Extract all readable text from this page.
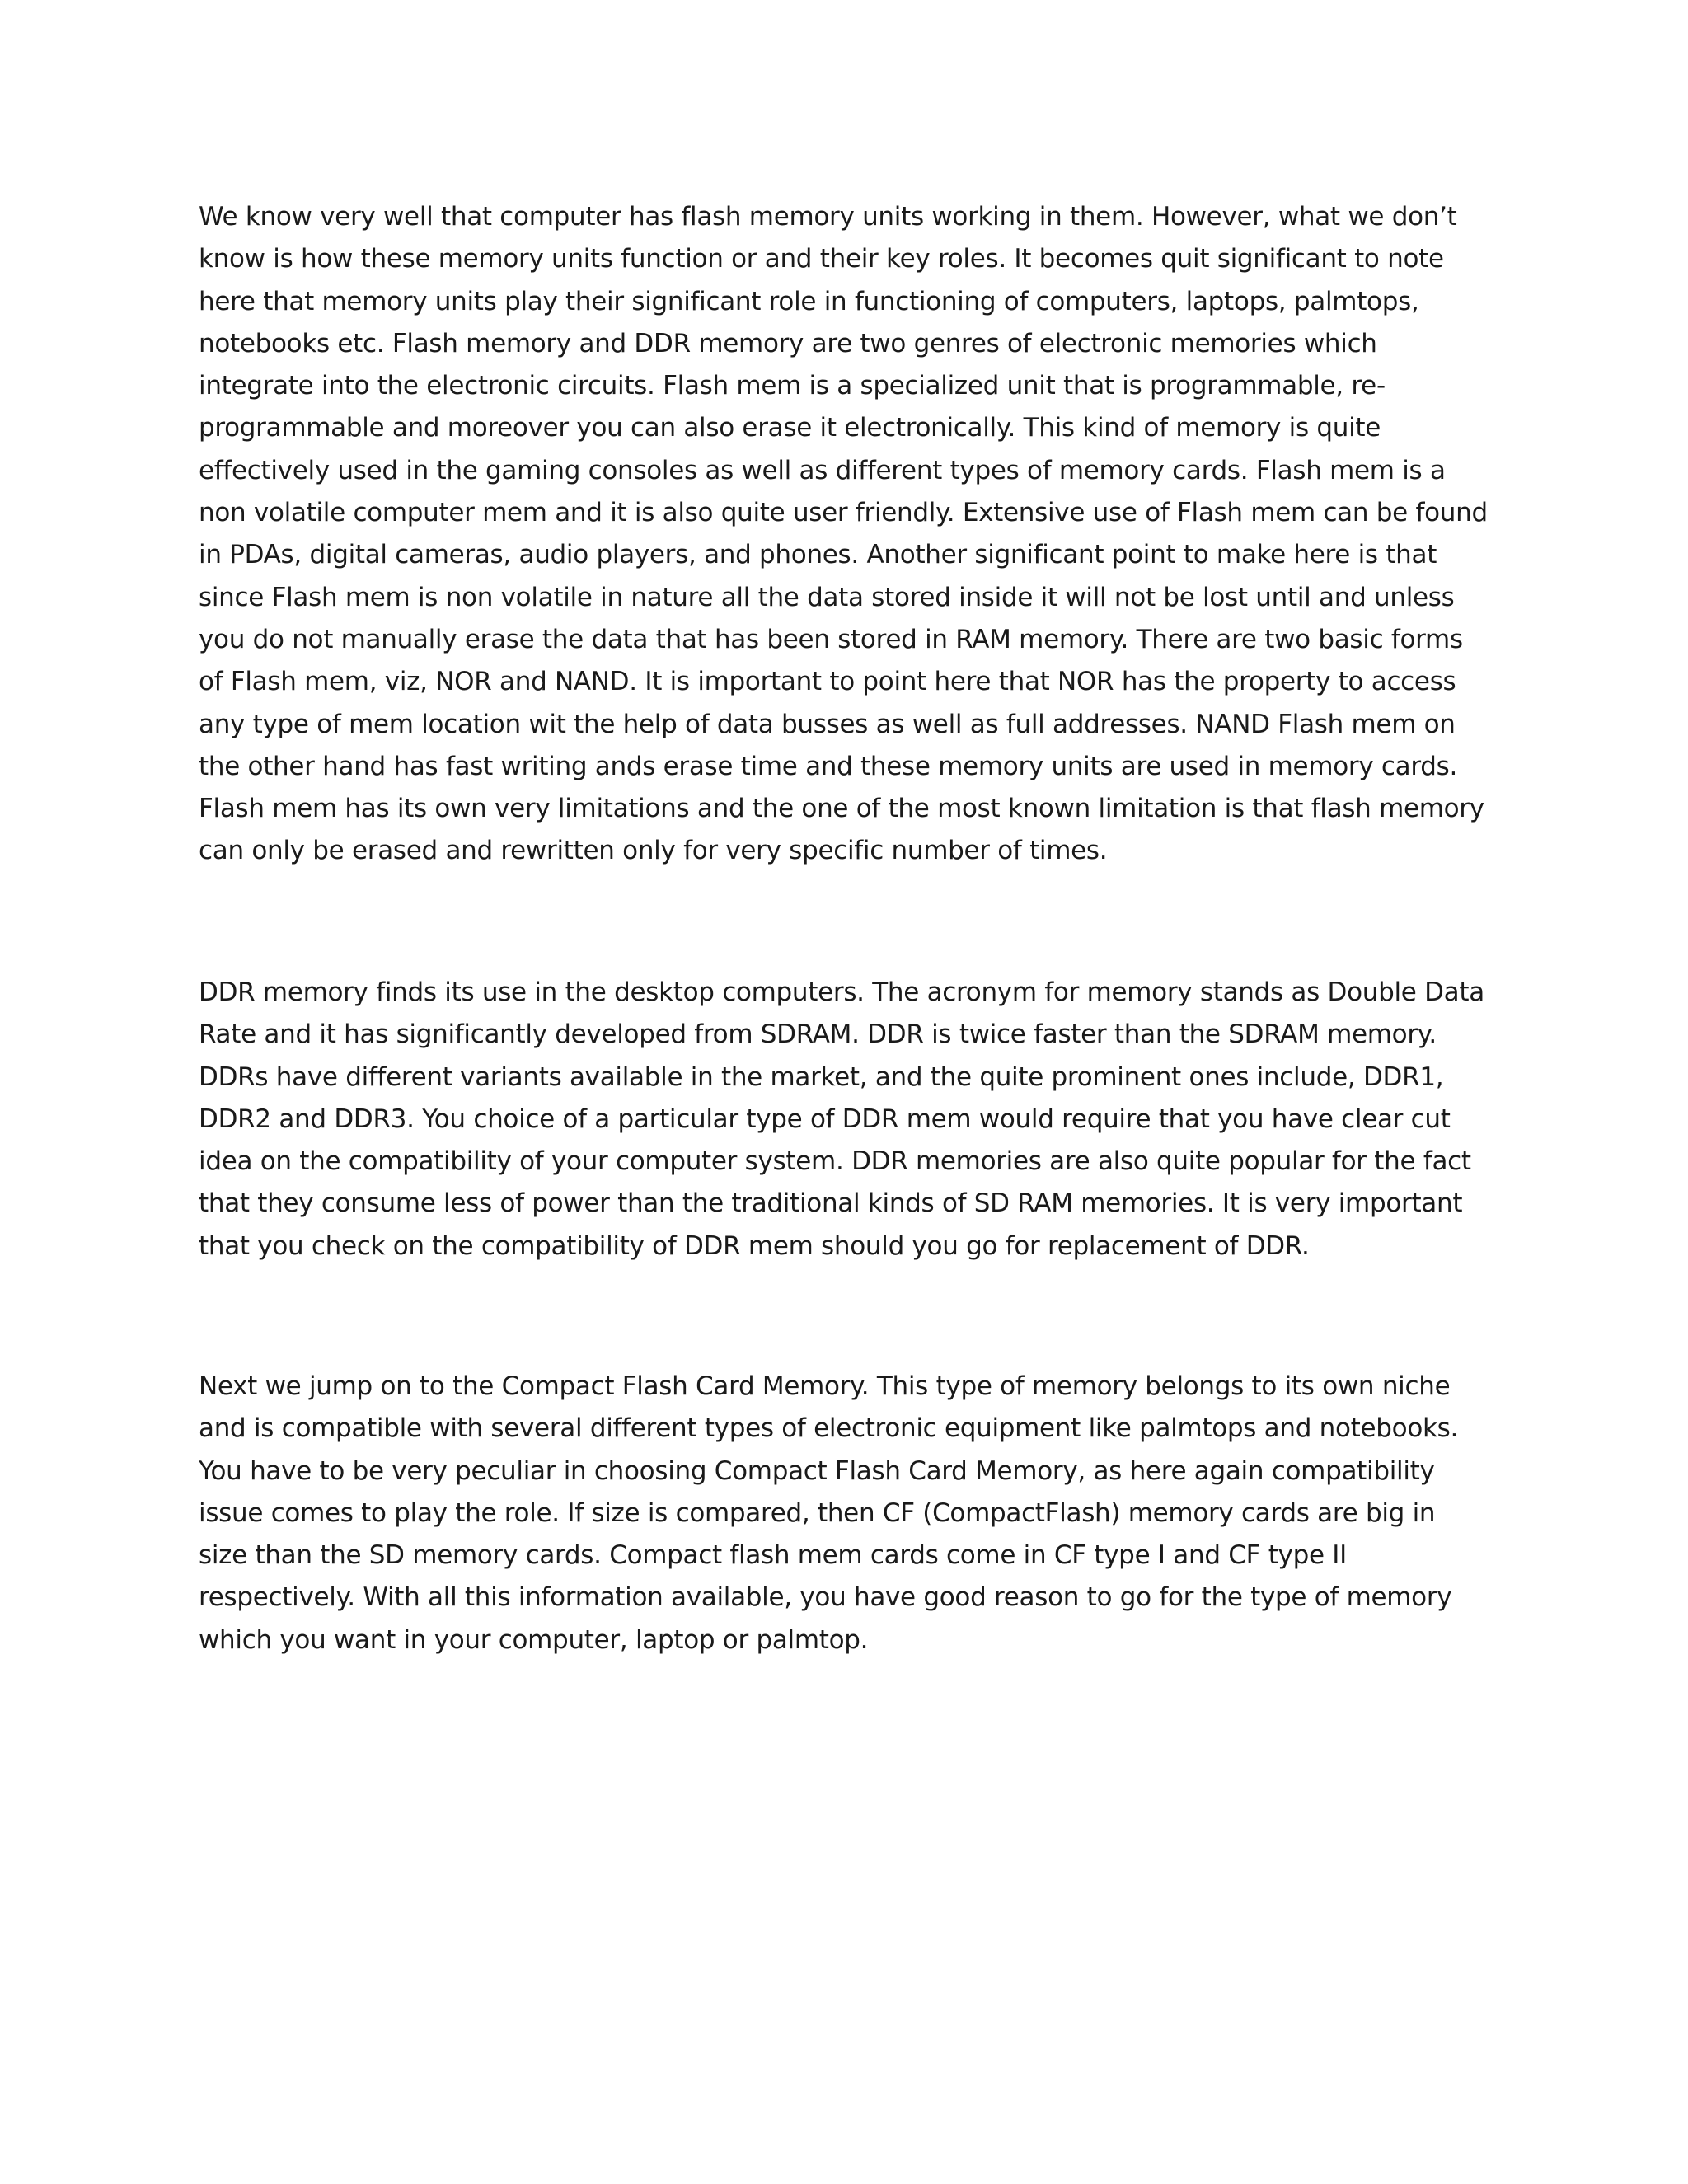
We know very well that computer has flash memory units working in them. However, what we don’t know is how these memory units function or and their key roles. It becomes quit significant to note here that memory units play their significant role in functioning of computers, laptops, palmtops, notebooks etc. Flash memory and DDR memory are two genres of electronic memories which integrate into the electronic circuits. Flash mem is a specialized unit that is programmable, re-programmable and moreover you can also erase it electronically. This kind of memory is quite effectively used in the gaming consoles as well as different types of memory cards. Flash mem is a non volatile computer mem and it is also quite user friendly. Extensive use of Flash mem can be found in PDAs, digital cameras, audio players, and phones. Another significant point to make here is that since Flash mem is non volatile in nature all the data stored inside it will not be lost until and unless you do not manually erase the data that has been stored in RAM memory. There are two basic forms of Flash mem, viz, NOR and NAND. It is important to point here that NOR has the property to access any type of mem location wit the help of data busses as well as full addresses. NAND Flash mem on the other hand has fast writing ands erase time and these memory units are used in memory cards. Flash mem has its own very limitations and the one of the most known limitation is that flash memory can only be erased and rewritten only for very specific number of times.

DDR memory finds its use in the desktop computers. The acronym for memory stands as Double Data Rate and it has significantly developed from SDRAM. DDR is twice faster than the SDRAM memory. DDRs have different variants available in the market, and the quite prominent ones include, DDR1, DDR2 and DDR3. You choice of a particular type of DDR mem would require that you have clear cut idea on the compatibility of your computer system. DDR memories are also quite popular for the fact that they consume less of power than the traditional kinds of SD RAM memories. It is very important that you check on the compatibility of DDR mem should you go for replacement of DDR.

Next we jump on to the Compact Flash Card Memory. This type of memory belongs to its own niche and is compatible with several different types of electronic equipment like palmtops and notebooks. You have to be very peculiar in choosing Compact Flash Card Memory, as here again compatibility issue comes to play the role. If size is compared, then CF (CompactFlash) memory cards are big in size than the SD memory cards. Compact flash mem cards come in CF type I and CF type II respectively. With all this information available, you have good reason to go for the type of memory which you want in your computer, laptop or palmtop.
